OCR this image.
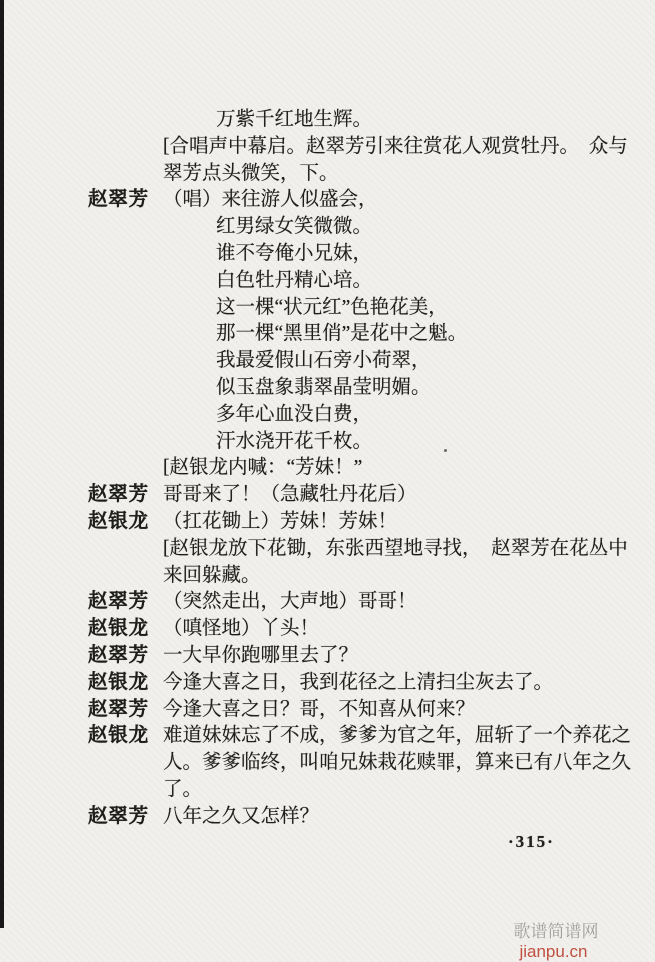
万紫千红地生辉。
[合唱声中幕启。赵翠芳引来往赏花人观赏牡丹。　众与
翠芳点头微笑，下。
赵翠芳 （唱）来往游人似盛会，
红男绿女笑微微。
谁不夸俺小兄妹，
白色牡丹精心培。
这一棵“状元红”色艳花美，
那一棵“黑里俏”是花中之魁。
我最爱假山石旁小荷翠，
似玉盘象翡翠晶莹明媚。
多年心血没白费，
汗水浇开花千枚。
[赵银龙内喊：“芳妹！”
赵翠芳 哥哥来了！（急藏牡丹花后）
赵银龙 （扛花锄上）芳妹！芳妹！
[赵银龙放下花锄，东张西望地寻找，　赵翠芳在花丛中
来回躲藏。
赵翠芳 （突然走出，大声地）哥哥！
赵银龙 （嗔怪地）丫头！
赵翠芳 一大早你跑哪里去了？
赵银龙 今逢大喜之日，我到花径之上清扫尘灰去了。
赵翠芳 今逢大喜之日？哥，不知喜从何来？
赵银龙 难道妹妹忘了不成，爹爹为官之年，屈斩了一个养花之
人。爹爹临终，叫咱兄妹栽花赎罪，算来已有八年之久
了。
赵翠芳 八年之久又怎样？
·315·

歌谱简谱网
jianpu.cn
